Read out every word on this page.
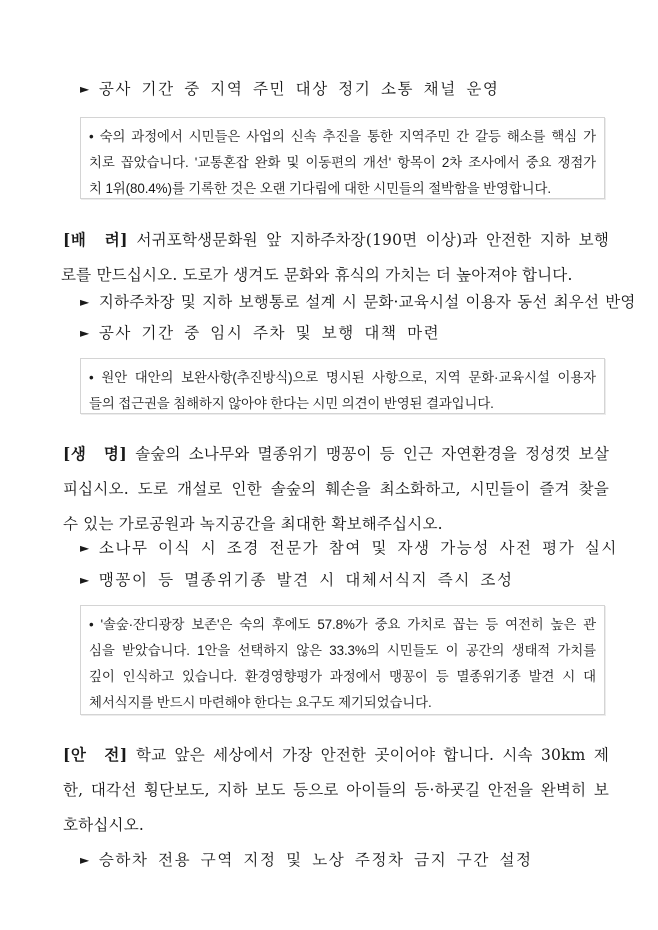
► 공사 기간 중 지역 주민 대상 정기 소통 채널 운영
• 숙의 과정에서 시민들은 사업의 신속 추진을 통한 지역주민 간 갈등 해소를 핵심 가
치로 꼽았습니다. '교통혼잡 완화 및 이동편의 개선' 항목이 2차 조사에서 중요 쟁점가
치 1위(80.4%)를 기록한 것은 오랜 기다림에 대한 시민들의 절박함을 반영합니다.
[배  려] 서귀포학생문화원 앞 지하주차장(190면 이상)과 안전한 지하 보행
로를 만드십시오. 도로가 생겨도 문화와 휴식의 가치는 더 높아져야 합니다.
► 지하주차장 및 지하 보행통로 설계 시 문화·교육시설 이용자 동선 최우선 반영
► 공사 기간 중 임시 주차 및 보행 대책 마련
• 원안 대안의 보완사항(추진방식)으로 명시된 사항으로, 지역 문화·교육시설 이용자
들의 접근권을 침해하지 않아야 한다는 시민 의견이 반영된 결과입니다.
[생  명] 솔숲의 소나무와 멸종위기 맹꽁이 등 인근 자연환경을 정성껏 보살
피십시오. 도로 개설로 인한 솔숲의 훼손을 최소화하고, 시민들이 즐겨 찾을
수 있는 가로공원과 녹지공간을 최대한 확보해주십시오.
► 소나무 이식 시 조경 전문가 참여 및 자생 가능성 사전 평가 실시
► 맹꽁이 등 멸종위기종 발견 시 대체서식지 즉시 조성
• '솔숲·잔디광장 보존'은 숙의 후에도 57.8%가 중요 가치로 꼽는 등 여전히 높은 관
심을 받았습니다. 1안을 선택하지 않은 33.3%의 시민들도 이 공간의 생태적 가치를
깊이 인식하고 있습니다. 환경영향평가 과정에서 맹꽁이 등 멸종위기종 발견 시 대
체서식지를 반드시 마련해야 한다는 요구도 제기되었습니다.
[안  전] 학교 앞은 세상에서 가장 안전한 곳이어야 합니다. 시속 30km 제
한, 대각선 횡단보도, 지하 보도 등으로 아이들의 등·하굣길 안전을 완벽히 보
호하십시오.
► 승하차 전용 구역 지정 및 노상 주정차 금지 구간 설정
